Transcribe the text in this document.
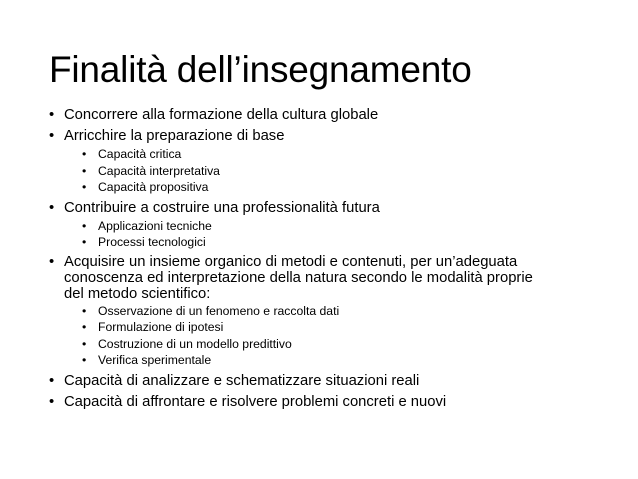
Finalità dell’insegnamento
• Concorrere alla formazione della cultura globale
• Arricchire la preparazione di base
• Capacità critica
• Capacità interpretativa
• Capacità propositiva
• Contribuire a costruire una professionalità futura
• Applicazioni tecniche
• Processi tecnologici
• Acquisire un insieme organico di metodi e contenuti, per un’adeguata
conoscenza ed interpretazione della natura secondo le modalità proprie
del metodo scientifico:
• Osservazione di un fenomeno e raccolta dati
• Formulazione di ipotesi
• Costruzione di un modello predittivo
• Verifica sperimentale
• Capacità di analizzare e schematizzare situazioni reali
• Capacità di affrontare e risolvere problemi concreti e nuovi
